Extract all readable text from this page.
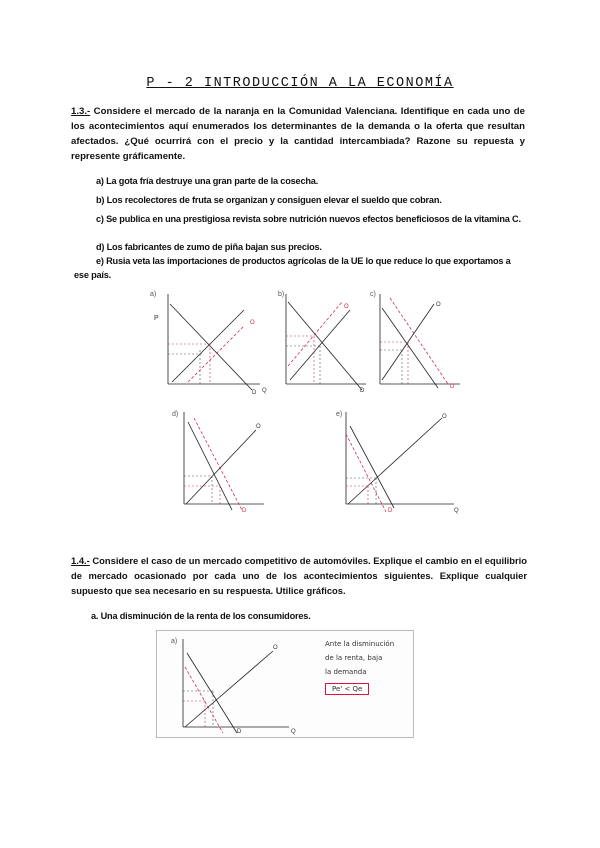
P - 2 INTRODUCCIÓN A LA ECONOMÍA
1.3.- Considere el mercado de la naranja en la Comunidad Valenciana. Identifique en cada uno de los acontecimientos aquí enumerados los determinantes de la demanda o la oferta que resultan afectados. ¿Qué ocurrirá con el precio y la cantidad intercambiada? Razone su repuesta y represente gráficamente.
a) La gota fría destruye una gran parte de la cosecha.
b) Los recolectores de fruta se organizan y consiguen elevar el sueldo que cobran.
c) Se publica en una prestigiosa revista sobre nutrición nuevos efectos beneficiosos de la vitamina C.
d) Los fabricantes de zumo de piña bajan sus precios.
e) Rusia veta las importaciones de productos agrícolas de la UE lo que reduce lo que exportamos a ese país.
a)
P
O
D Q
b)
O
D
c)
O
D
d)
O
D
e)	O
D	Q
1.4.- Considere el caso de un mercado competitivo de automóviles. Explique el cambio en el equilibrio de mercado ocasionado por cada uno de los acontecimientos siguientes. Explique cualquier supuesto que sea necesario en su respuesta. Utilice gráficos.
a. Una disminución de la renta de los consumidores.
a)
O
D	Q
Ante la disminución
de la renta, baja
la demanda
Pe' < Qe
